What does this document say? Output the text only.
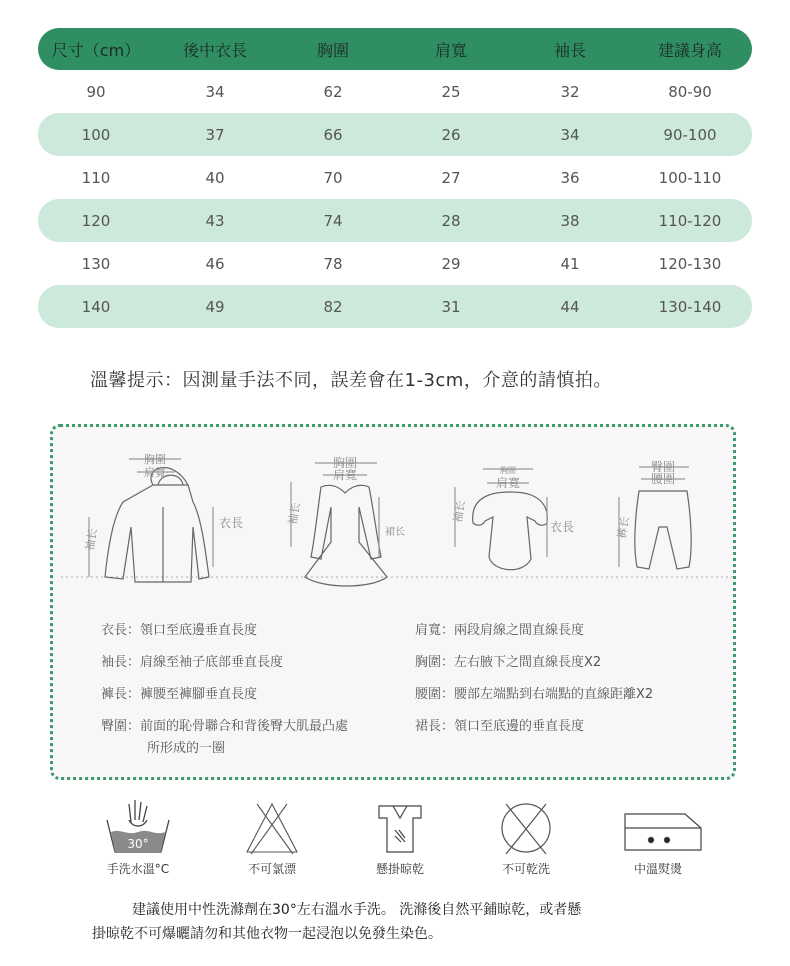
尺寸（cm）	後中衣長	胸圍	肩寬	袖長	建議身高
90	34	62	25	32	80-90
100	37	66	26	34	90-100
110	40	70	27	36	100-110
120	43	74	28	38	110-120
130	46	78	29	41	120-130
140	49	82	31	44	130-140
溫馨提示：因測量手法不同，誤差會在1-3cm，介意的請慎拍。
胸圍
肩寬
衣長
袖长
胸圍
肩寬
袖长
裙长
胸圍
肩寬
衣長
袖长
臀圍
腰圍
裤长
衣長：領口至底邊垂直長度
袖長：肩線至袖子底部垂直長度
褲長：褲腰至褲腳垂直長度
臀圍：前面的恥骨聯合和背後臀大肌最凸處
所形成的一圈
肩寬：兩段肩線之間直線長度
胸圍：左右腋下之間直線長度X2
腰圍：腰部左端點到右端點的直線距離X2
裙長：領口至底邊的垂直長度
30°
手洗水溫°C	不可氯漂	懸掛晾乾	不可乾洗	中溫熨燙
建議使用中性洗滌劑在30°左右溫水手洗。 洗滌後自然平鋪晾乾，或者懸
掛晾乾不可爆曬請勿和其他衣物一起浸泡以免發生染色。
